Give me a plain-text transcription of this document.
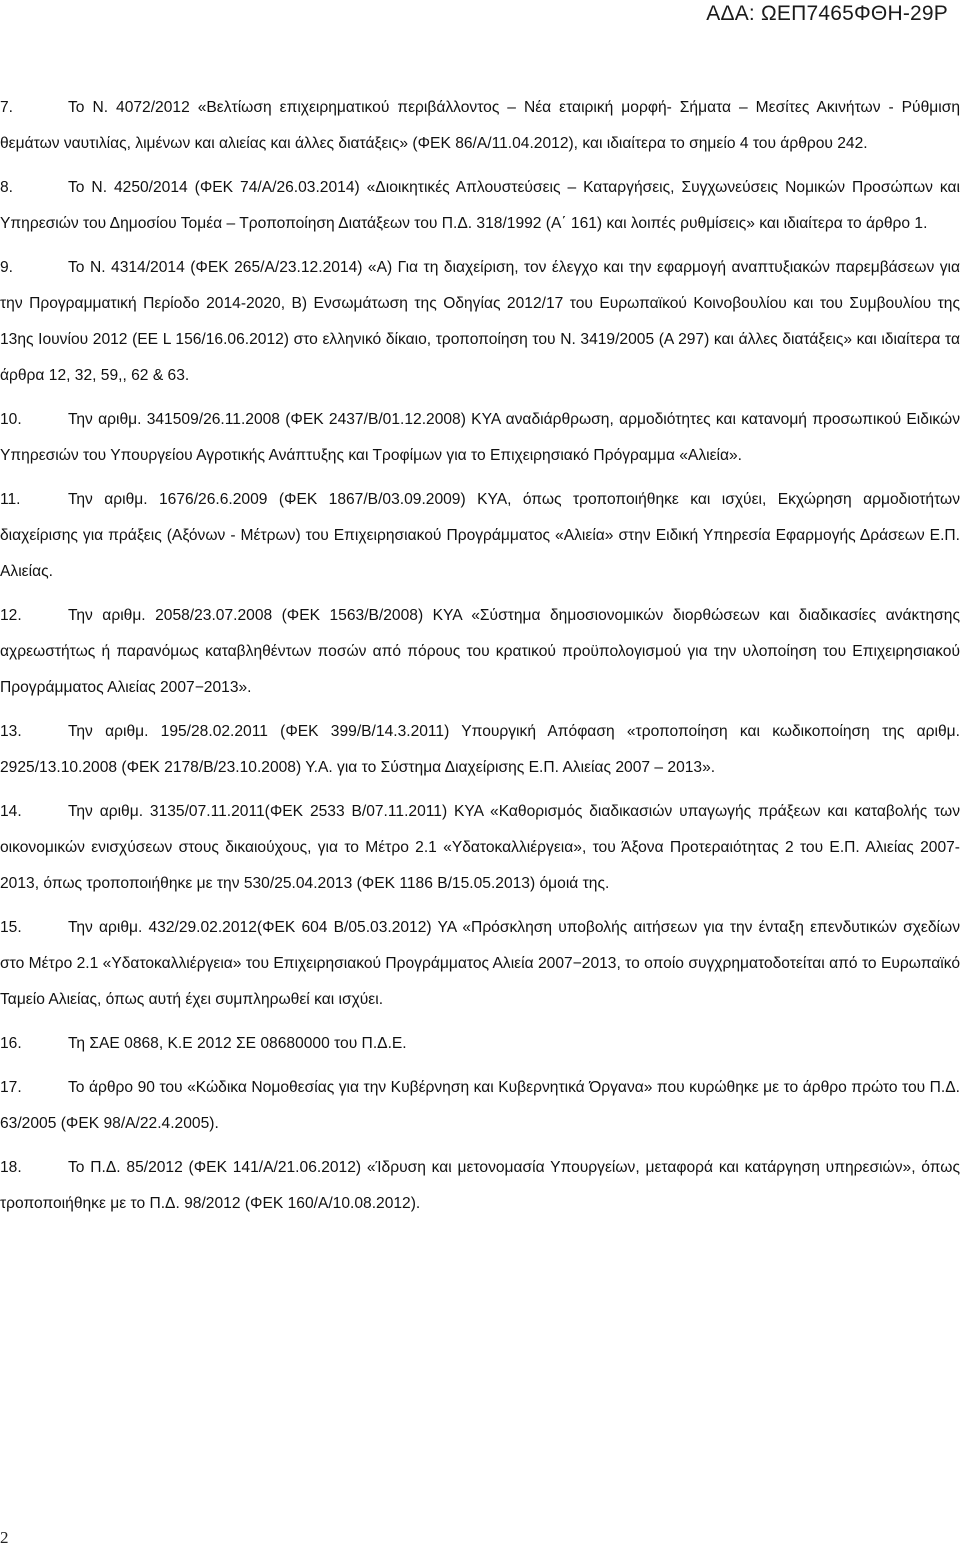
ΑΔΑ: ΩΕΠ7465ΦΘΗ-29Ρ

7.	Το Ν. 4072/2012 «Βελτίωση επιχειρηματικού περιβάλλοντος – Νέα εταιρική μορφή- Σήματα – Μεσίτες Ακινήτων - Ρύθμιση θεμάτων ναυτιλίας, λιμένων και αλιείας και άλλες διατάξεις» (ΦΕΚ 86/Α/11.04.2012), και ιδιαίτερα το σημείο 4 του άρθρου 242.

8.	Το Ν. 4250/2014 (ΦΕΚ 74/Α/26.03.2014) «Διοικητικές Απλουστεύσεις – Καταργήσεις, Συγχωνεύσεις Νομικών Προσώπων και Υπηρεσιών του Δημοσίου Τομέα – Τροποποίηση Διατάξεων του Π.Δ. 318/1992 (Α΄ 161) και λοιπές ρυθμίσεις» και ιδιαίτερα το άρθρο 1.

9.	Το Ν. 4314/2014 (ΦΕΚ 265/Α/23.12.2014) «Α) Για τη διαχείριση, τον έλεγχο και την εφαρμογή αναπτυξιακών παρεμβάσεων για την Προγραμματική Περίοδο 2014-2020, Β) Ενσωμάτωση της Οδηγίας 2012/17 του Ευρωπαϊκού Κοινοβουλίου και του Συμβουλίου της 13ης Ιουνίου 2012 (ΕΕ L 156/16.06.2012) στο ελληνικό δίκαιο, τροποποίηση του Ν. 3419/2005 (Α 297) και άλλες διατάξεις» και ιδιαίτερα τα άρθρα 12, 32, 59,, 62 & 63.

10.	Την αριθμ. 341509/26.11.2008 (ΦΕΚ 2437/Β/01.12.2008) ΚΥΑ αναδιάρθρωση, αρμοδιότητες και κατανομή προσωπικού Ειδικών Υπηρεσιών του Υπουργείου Αγροτικής Ανάπτυξης και Τροφίμων για το Επιχειρησιακό Πρόγραμμα «Αλιεία».

11.	Την αριθμ. 1676/26.6.2009 (ΦΕΚ 1867/Β/03.09.2009) ΚΥΑ, όπως τροποποιήθηκε και ισχύει, Εκχώρηση αρμοδιοτήτων διαχείρισης για πράξεις (Αξόνων - Μέτρων) του Επιχειρησιακού Προγράμματος «Αλιεία» στην Ειδική Υπηρεσία Εφαρμογής Δράσεων Ε.Π. Αλιείας.

12.	Την αριθμ. 2058/23.07.2008 (ΦΕΚ 1563/Β/2008) ΚΥΑ «Σύστημα δημοσιονομικών διορθώσεων και διαδικασίες ανάκτησης αχρεωστήτως ή παρανόμως καταβληθέντων ποσών από πόρους του κρατικού προϋπολογισμού για την υλοποίηση του Επιχειρησιακού Προγράμματος Αλιείας 2007−2013».

13.	Την αριθμ. 195/28.02.2011 (ΦΕΚ 399/Β/14.3.2011) Υπουργική Απόφαση «τροποποίηση και κωδικοποίηση της αριθμ. 2925/13.10.2008 (ΦΕΚ 2178/Β/23.10.2008) Υ.Α. για το Σύστημα Διαχείρισης Ε.Π. Αλιείας 2007 – 2013».

14.	Την αριθμ. 3135/07.11.2011(ΦΕΚ 2533 Β/07.11.2011) ΚΥΑ «Καθορισμός διαδικασιών υπαγωγής πράξεων και καταβολής των οικονομικών ενισχύσεων στους δικαιούχους, για το Μέτρο 2.1 «Υδατοκαλλιέργεια», του Άξονα Προτεραιότητας 2 του Ε.Π. Αλιείας 2007-2013, όπως τροποποιήθηκε με την 530/25.04.2013 (ΦΕΚ 1186 Β/15.05.2013) όμοιά της.

15.	Την αριθμ. 432/29.02.2012(ΦΕΚ 604 Β/05.03.2012) ΥΑ «Πρόσκληση υποβολής αιτήσεων για την ένταξη επενδυτικών σχεδίων στο Μέτρο 2.1 «Υδατοκαλλιέργεια» του Επιχειρησιακού Προγράμματος Αλιεία 2007−2013, το οποίο συγχρηματοδοτείται από το Ευρωπαϊκό Ταμείο Αλιείας, όπως αυτή έχει συμπληρωθεί και ισχύει.

16.	Τη ΣΑΕ 0868, Κ.Ε 2012 ΣΕ 08680000 του Π.Δ.Ε.

17.	Το άρθρο 90 του «Κώδικα Νομοθεσίας για την Κυβέρνηση και Κυβερνητικά Όργανα» που κυρώθηκε με το άρθρο πρώτο του Π.Δ. 63/2005 (ΦΕΚ 98/Α/22.4.2005).

18.	Το Π.Δ. 85/2012 (ΦΕΚ 141/Α/21.06.2012) «Ίδρυση και μετονομασία Υπουργείων, μεταφορά και κατάργηση υπηρεσιών», όπως τροποποιήθηκε με το Π.Δ. 98/2012 (ΦΕΚ 160/Α/10.08.2012).

2
